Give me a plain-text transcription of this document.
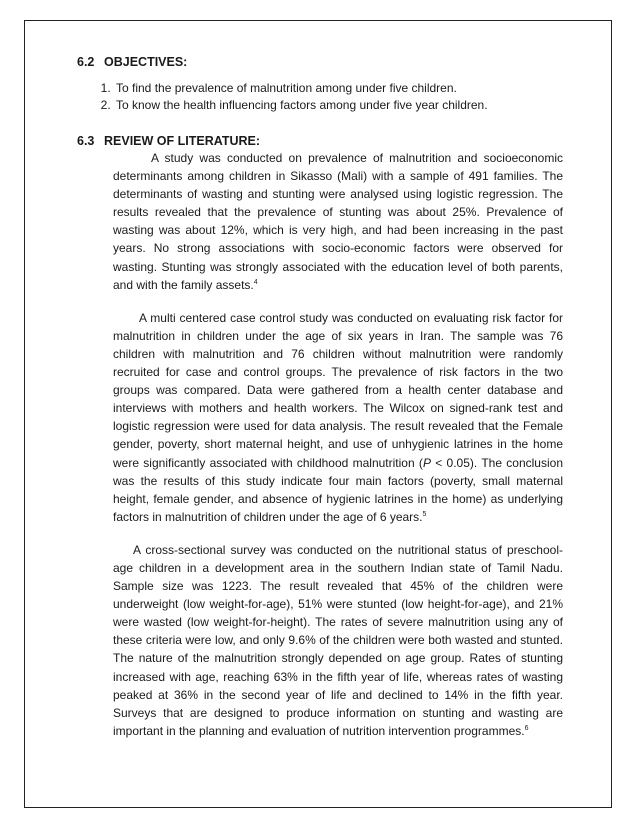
6.2 OBJECTIVES:
1. To find the prevalence of malnutrition among under five children.
2. To know the health influencing factors among under five year children.
6.3 REVIEW OF LITERATURE:

A study was conducted on prevalence of malnutrition and socioeconomic determinants among children in Sikasso (Mali) with a sample of 491 families. The determinants of wasting and stunting were analysed using logistic regression. The results revealed that the prevalence of stunting was about 25%. Prevalence of wasting was about 12%, which is very high, and had been increasing in the past years. No strong associations with socio-economic factors were observed for wasting. Stunting was strongly associated with the education level of both parents, and with the family assets.$^4$

A multi centered case control study was conducted on evaluating risk factor for malnutrition in children under the age of six years in Iran. The sample was 76 children with malnutrition and 76 children without malnutrition were randomly recruited for case and control groups. The prevalence of risk factors in the two groups was compared. Data were gathered from a health center database and interviews with mothers and health workers. The Wilcox on signed-rank test and logistic regression were used for data analysis. The result revealed that the Female gender, poverty, short maternal height, and use of unhygienic latrines in the home were significantly associated with childhood malnutrition (P < 0.05). The conclusion was the results of this study indicate four main factors (poverty, small maternal height, female gender, and absence of hygienic latrines in the home) as underlying factors in malnutrition of children under the age of 6 years.$^5$

A cross-sectional survey was conducted on the nutritional status of preschool-age children in a development area in the southern Indian state of Tamil Nadu. Sample size was 1223. The result revealed that 45% of the children were underweight (low weight-for-age), 51% were stunted (low height-for-age), and 21% were wasted (low weight-for-height). The rates of severe malnutrition using any of these criteria were low, and only 9.6% of the children were both wasted and stunted. The nature of the malnutrition strongly depended on age group. Rates of stunting increased with age, reaching 63% in the fifth year of life, whereas rates of wasting peaked at 36% in the second year of life and declined to 14% in the fifth year. Surveys that are designed to produce information on stunting and wasting are important in the planning and evaluation of nutrition intervention programmes.$^6$
